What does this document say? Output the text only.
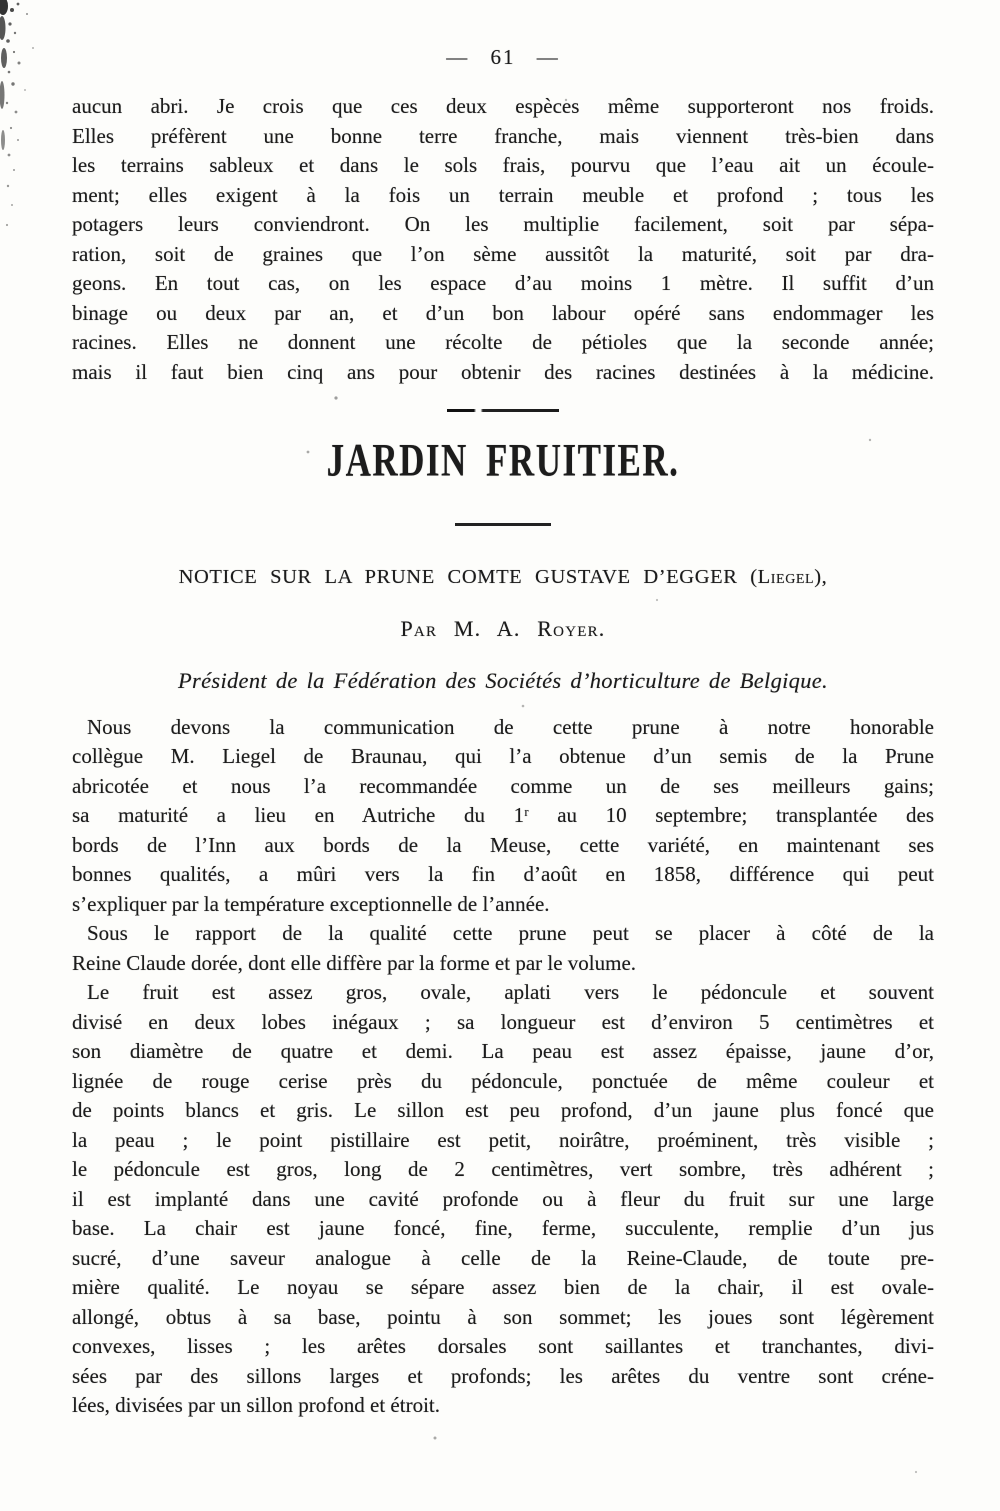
— 61 —
aucun abri. Je crois que ces deux espèces même supporteront nos froids.
Elles préfèrent une bonne terre franche, mais viennent très-bien dans
les terrains sableux et dans le sols frais, pourvu que l’eau ait un écoule-
ment; elles exigent à la fois un terrain meuble et profond ; tous les
potagers leurs conviendront. On les multiplie facilement, soit par sépa-
ration, soit de graines que l’on sème aussitôt la maturité, soit par dra-
geons. En tout cas, on les espace d’au moins 1 mètre. Il suffit d’un
binage ou deux par an, et d’un bon labour opéré sans endommager les
racines. Elles ne donnent une récolte de pétioles que la seconde année;
mais il faut bien cinq ans pour obtenir des racines destinées à la médicine.
JARDIN FRUITIER.
NOTICE SUR LA PRUNE COMTE GUSTAVE D’EGGER (Liegel),
Par M. A. Royer.
Président de la Fédération des Sociétés d’horticulture de Belgique.
Nous devons la communication de cette prune à notre honorable
collègue M. Liegel de Braunau, qui l’a obtenue d’un semis de la Prune
abricotée et nous l’a recommandée comme un de ses meilleurs gains;
sa maturité a lieu en Autriche du 1ʳ au 10 septembre; transplantée des
bords de l’Inn aux bords de la Meuse, cette variété, en maintenant ses
bonnes qualités, a mûri vers la fin d’août en 1858, différence qui peut
s’expliquer par la température exceptionnelle de l’année.
Sous le rapport de la qualité cette prune peut se placer à côté de la
Reine Claude dorée, dont elle diffère par la forme et par le volume.
Le fruit est assez gros, ovale, aplati vers le pédoncule et souvent
divisé en deux lobes inégaux ; sa longueur est d’environ 5 centimètres et
son diamètre de quatre et demi. La peau est assez épaisse, jaune d’or,
lignée de rouge cerise près du pédoncule, ponctuée de même couleur et
de points blancs et gris. Le sillon est peu profond, d’un jaune plus foncé que
la peau ; le point pistillaire est petit, noirâtre, proéminent, très visible ;
le pédoncule est gros, long de 2 centimètres, vert sombre, très adhérent ;
il est implanté dans une cavité profonde ou à fleur du fruit sur une large
base. La chair est jaune foncé, fine, ferme, succulente, remplie d’un jus
sucré, d’une saveur analogue à celle de la Reine-Claude, de toute pre-
mière qualité. Le noyau se sépare assez bien de la chair, il est ovale-
allongé, obtus à sa base, pointu à son sommet; les joues sont légèrement
convexes, lisses ; les arêtes dorsales sont saillantes et tranchantes, divi-
sées par des sillons larges et profonds; les arêtes du ventre sont créne-
lées, divisées par un sillon profond et étroit.
